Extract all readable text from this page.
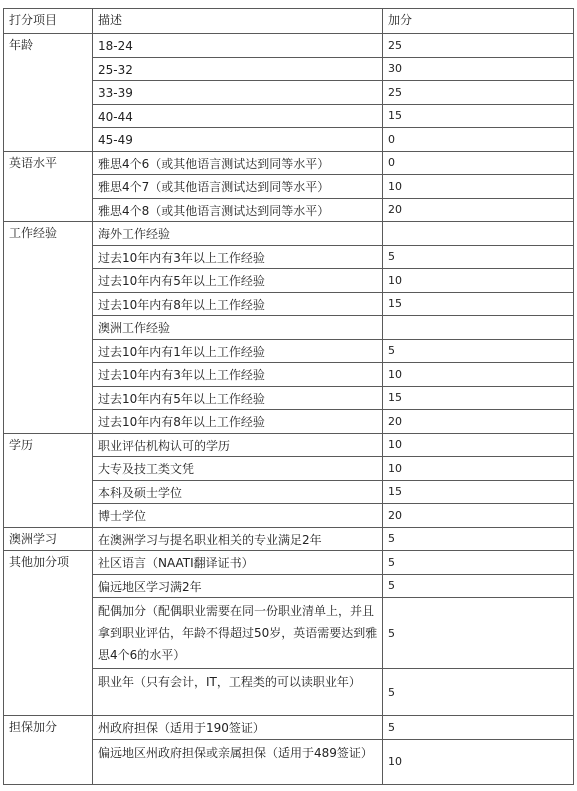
打分项目	描述	加分
年龄	18-24	25
	25-32	30
	33-39	25
	40-44	15
	45-49	0
英语水平	雅思4个6（或其他语言测试达到同等水平）	0
	雅思4个7（或其他语言测试达到同等水平）	10
	雅思4个8（或其他语言测试达到同等水平）	20
工作经验	海外工作经验	
	过去10年内有3年以上工作经验	5
	过去10年内有5年以上工作经验	10
	过去10年内有8年以上工作经验	15
	澳洲工作经验	
	过去10年内有1年以上工作经验	5
	过去10年内有3年以上工作经验	10
	过去10年内有5年以上工作经验	15
	过去10年内有8年以上工作经验	20
学历	职业评估机构认可的学历	10
	大专及技工类文凭	10
	本科及硕士学位	15
	博士学位	20
澳洲学习	在澳洲学习与提名职业相关的专业满足2年	5
其他加分项	社区语言（NAATI翻译证书）	5
	偏远地区学习满2年	5
	配偶加分（配偶职业需要在同一份职业清单上，并且拿到职业评估，年龄不得超过50岁，英语需要达到雅思4个6的水平）	5
	职业年（只有会计，IT，工程类的可以读职业年）	5
担保加分	州政府担保（适用于190签证）	5
	偏远地区州政府担保或亲属担保（适用于489签证）	10
